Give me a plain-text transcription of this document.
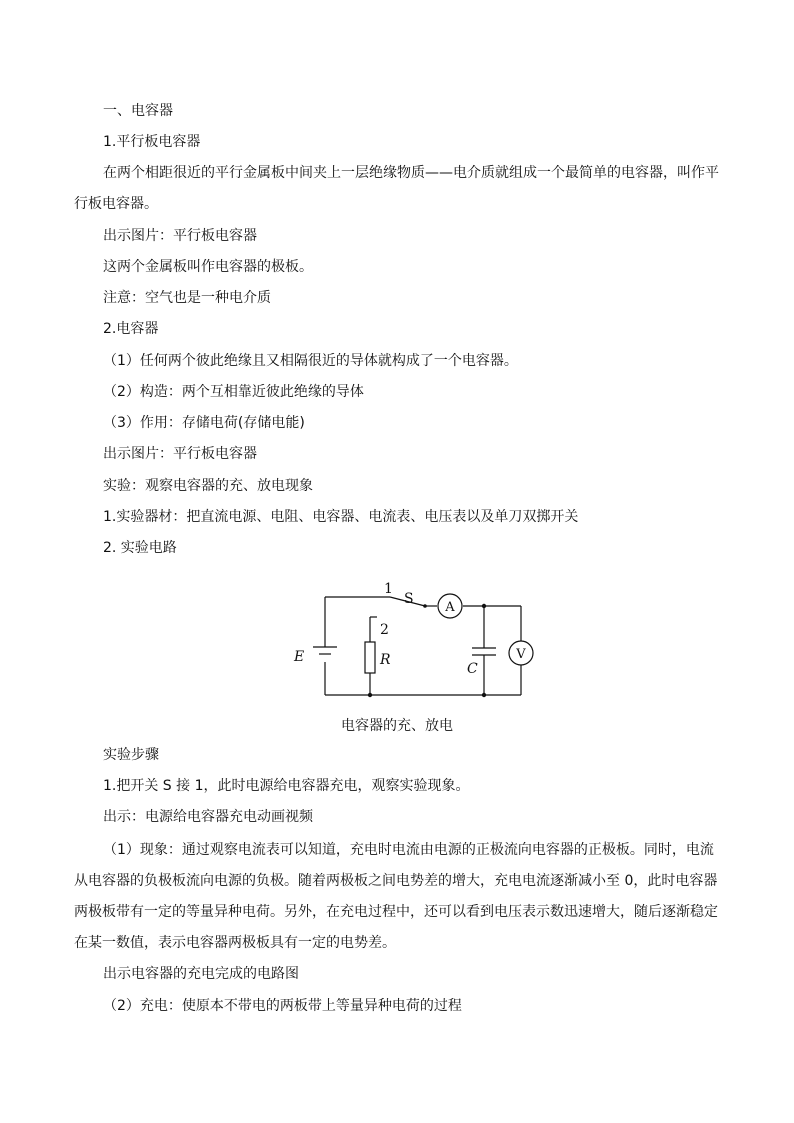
一、电容器
1.平行板电容器
在两个相距很近的平行金属板中间夹上一层绝缘物质——电介质就组成一个最简单的电容器，叫作平
行板电容器。
出示图片：平行板电容器
这两个金属板叫作电容器的极板。
注意：空气也是一种电介质
2.电容器
（1）任何两个彼此绝缘且又相隔很近的导体就构成了一个电容器。
（2）构造：两个互相靠近彼此绝缘的导体
（3）作用：存储电荷(存储电能)
出示图片：平行板电容器
实验：观察电容器的充、放电现象
1.实验器材：把直流电源、电阻、电容器、电流表、电压表以及单刀双掷开关
2. 实验电路
1
S
2
E	R
C
A
V
电容器的充、放电
实验步骤
1.把开关 S 接 1，此时电源给电容器充电，观察实验现象。
出示：电源给电容器充电动画视频
（1）现象：通过观察电流表可以知道，充电时电流由电源的正极流向电容器的正极板。同时，电流
从电容器的负极板流向电源的负极。随着两极板之间电势差的增大，充电电流逐渐减小至 0，此时电容器
两极板带有一定的等量异种电荷。另外，在充电过程中，还可以看到电压表示数迅速增大，随后逐渐稳定
在某一数值，表示电容器两极板具有一定的电势差。
出示电容器的充电完成的电路图
（2）充电：使原本不带电的两板带上等量异种电荷的过程
